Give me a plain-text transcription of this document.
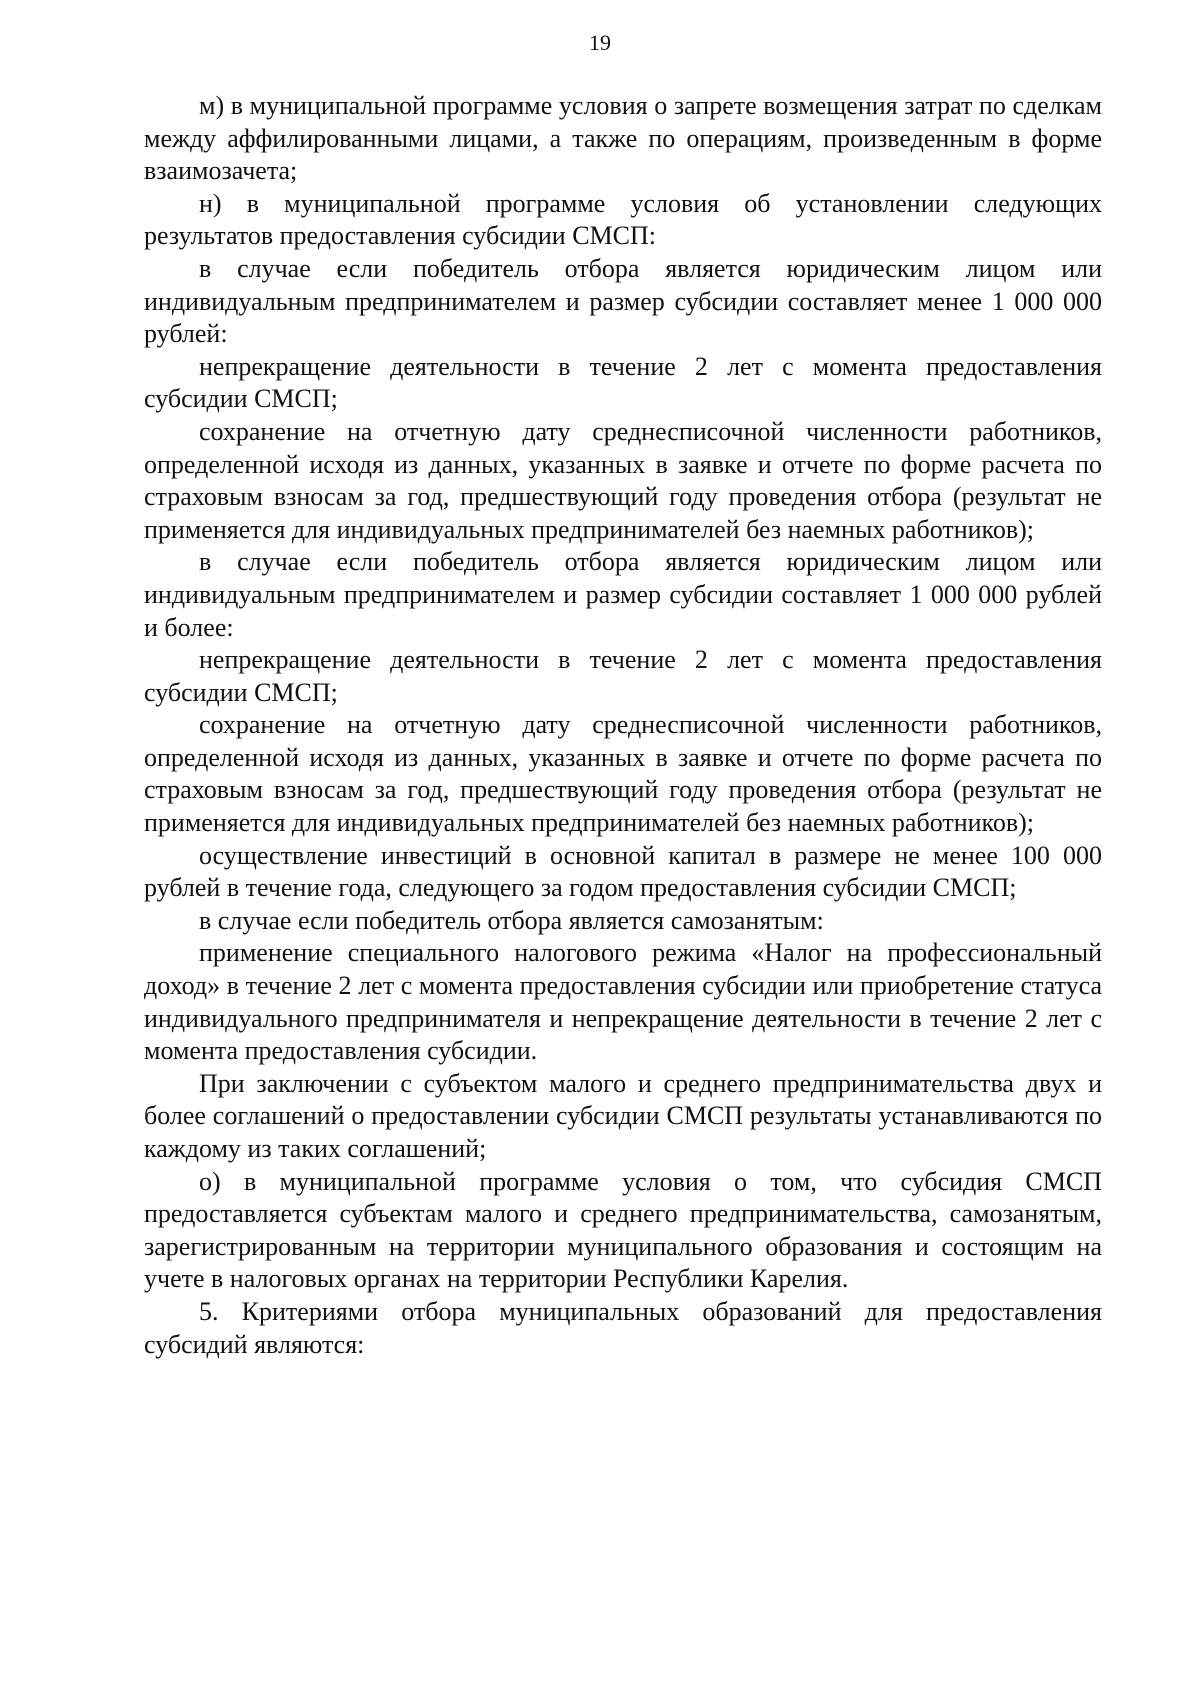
19

м) в муниципальной программе условия о запрете возмещения затрат по сделкам между аффилированными лицами, а также по операциям, произведенным в форме взаимозачета;

н) в муниципальной программе условия об установлении следующих результатов предоставления субсидии СМСП:

в случае если победитель отбора является юридическим лицом или индивидуальным предпринимателем и размер субсидии составляет менее 1 000 000 рублей:

непрекращение деятельности в течение 2 лет с момента предоставления субсидии СМСП;

сохранение на отчетную дату среднесписочной численности работников, определенной исходя из данных, указанных в заявке и отчете по форме расчета по страховым взносам за год, предшествующий году проведения отбора (результат не применяется для индивидуальных предпринимателей без наемных работников);

в случае если победитель отбора является юридическим лицом или индивидуальным предпринимателем и размер субсидии составляет 1 000 000 рублей и более:

непрекращение деятельности в течение 2 лет с момента предоставления субсидии СМСП;

сохранение на отчетную дату среднесписочной численности работников, определенной исходя из данных, указанных в заявке и отчете по форме расчета по страховым взносам за год, предшествующий году проведения отбора (результат не применяется для индивидуальных предпринимателей без наемных работников);

осуществление инвестиций в основной капитал в размере не менее 100 000 рублей в течение года, следующего за годом предоставления субсидии СМСП;

в случае если победитель отбора является самозанятым:

применение специального налогового режима «Налог на профессиональный доход» в течение 2 лет с момента предоставления субсидии или приобретение статуса индивидуального предпринимателя и непрекращение деятельности в течение 2 лет с момента предоставления субсидии.

При заключении с субъектом малого и среднего предпринимательства двух и более соглашений о предоставлении субсидии СМСП результаты устанавливаются по каждому из таких соглашений;

о) в муниципальной программе условия о том, что субсидия СМСП предоставляется субъектам малого и среднего предпринимательства, самозанятым, зарегистрированным на территории муниципального образования и состоящим на учете в налоговых органах на территории Республики Карелия.

5. Критериями отбора муниципальных образований для предоставления субсидий являются:
